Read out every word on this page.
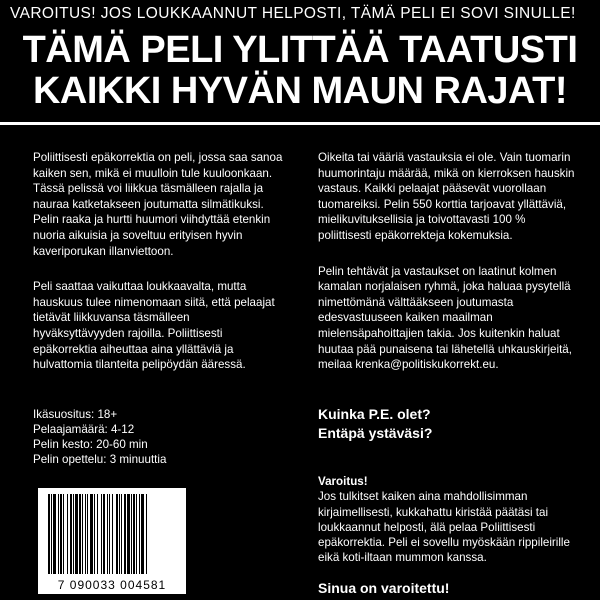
VAROITUS! JOS LOUKKAANNUT HELPOSTI, TÄMÄ PELI EI SOVI SINULLE!
TÄMÄ PELI YLITTÄÄ TAATUSTI
KAIKKI HYVÄN MAUN RAJAT!

Poliittisesti epäkorrektia on peli, jossa saa sanoa kaiken sen, mikä ei muulloin tule kuuloonkaan. Tässä pelissä voi liikkua täsmälleen rajalla ja nauraa katketakseen joutumatta silmätikuksi. Pelin raaka ja hurtti huumori viihdyttää etenkin nuoria aikuisia ja soveltuu erityisen hyvin kaveriporukan illanviettoon.

Peli saattaa vaikuttaa loukkaavalta, mutta hauskuus tulee nimenomaan siitä, että pelaajat tietävät liikkuvansa täsmälleen hyväksyttävyyden rajoilla. Poliittisesti epäkorrektia aiheuttaa aina yllättäviä ja hulvattomia tilanteita pelipöydän ääressä.

Oikeita tai vääriä vastauksia ei ole. Vain tuomarin huumorintaju määrää, mikä on kierroksen hauskin vastaus. Kaikki pelaajat pääsevät vuorollaan tuomareiksi. Pelin 550 korttia tarjoavat yllättäviä, mielikuvituksellisia ja toivottavasti 100 % poliittisesti epäkorrekteja kokemuksia.

Pelin tehtävät ja vastaukset on laatinut kolmen kamalan norjalaisen ryhmä, joka haluaa pysytellä nimettömänä välttääkseen joutumasta edesvastuuseen kaiken maailman mielensäpahoittajien takia. Jos kuitenkin haluat huutaa pää punaisena tai lähetellä uhkauskirjeitä, meilaa krenka@politiskukorrekt.eu.

Ikäsuositus: 18+
Pelaajamäärä: 4-12
Pelin kesto: 20-60 min
Pelin opettelu: 3 minuuttia
Kuinka P.E. olet?
Entäpä ystäväsi?
Varoitus!
Jos tulkitset kaiken aina mahdollisimman kirjaimellisesti, kukkahattu kiristää päätäsi tai loukkaannut helposti, älä pelaa Poliittisesti epäkorrektia. Peli ei sovellu myöskään rippileirille eikä koti-iltaan mummon kanssa.
Sinua on varoitettu!
7 090033 004581
